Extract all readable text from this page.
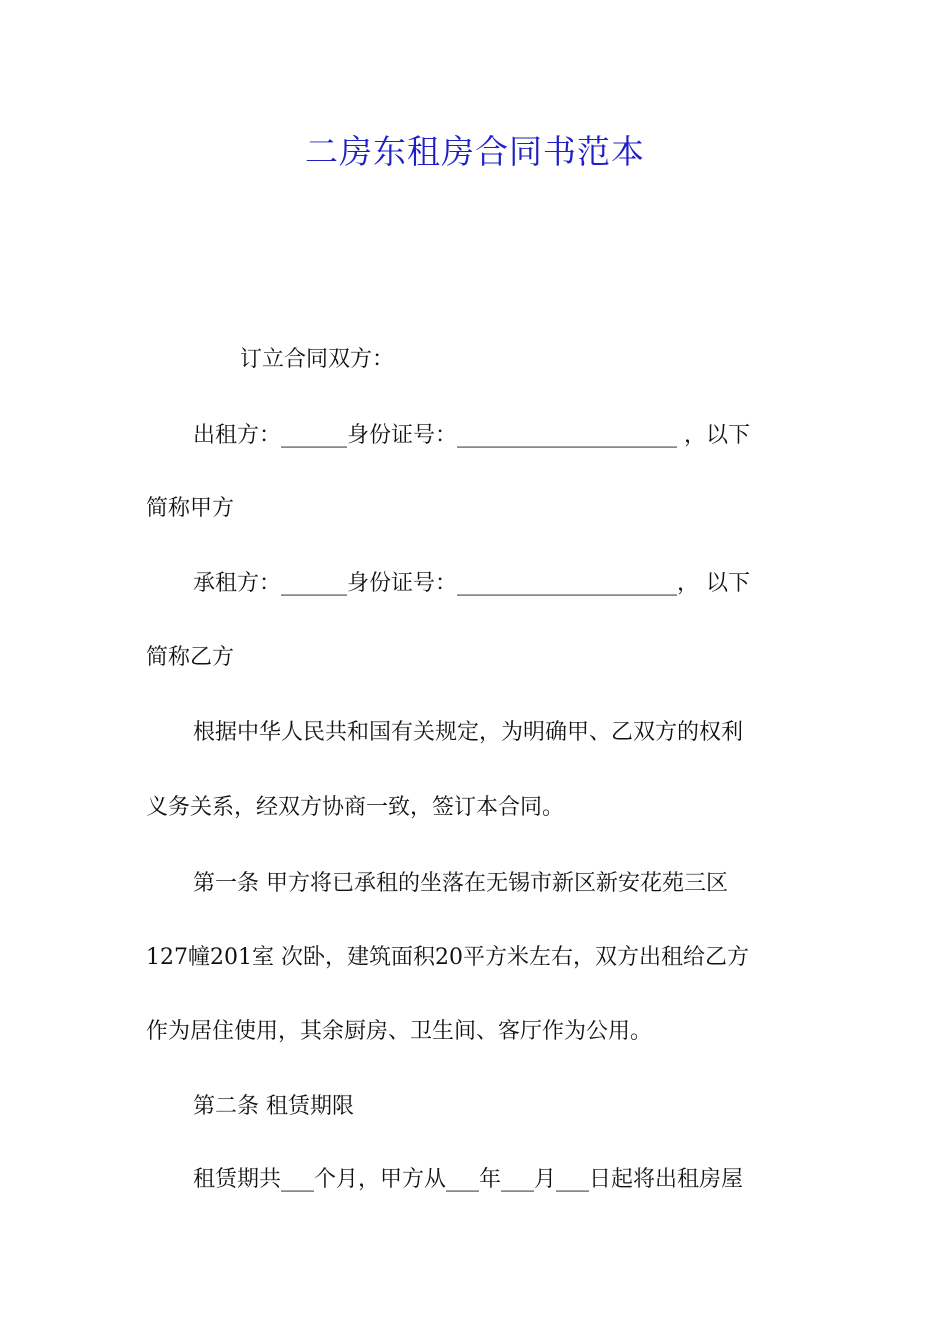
二房东租房合同书范本

订立合同双方：

出租方：______身份证号：____________________ ，以下

简称甲方

承租方：______身份证号：____________________， 以下

简称乙方

根据中华人民共和国有关规定，为明确甲、乙双方的权利

义务关系，经双方协商一致，签订本合同。

第一条 甲方将已承租的坐落在无锡市新区新安花苑三区

127幢201室 次卧，建筑面积20平方米左右，双方出租给乙方

作为居住使用，其余厨房、卫生间、客厅作为公用。

第二条 租赁期限

租赁期共___个月，甲方从___年___月___日起将出租房屋
